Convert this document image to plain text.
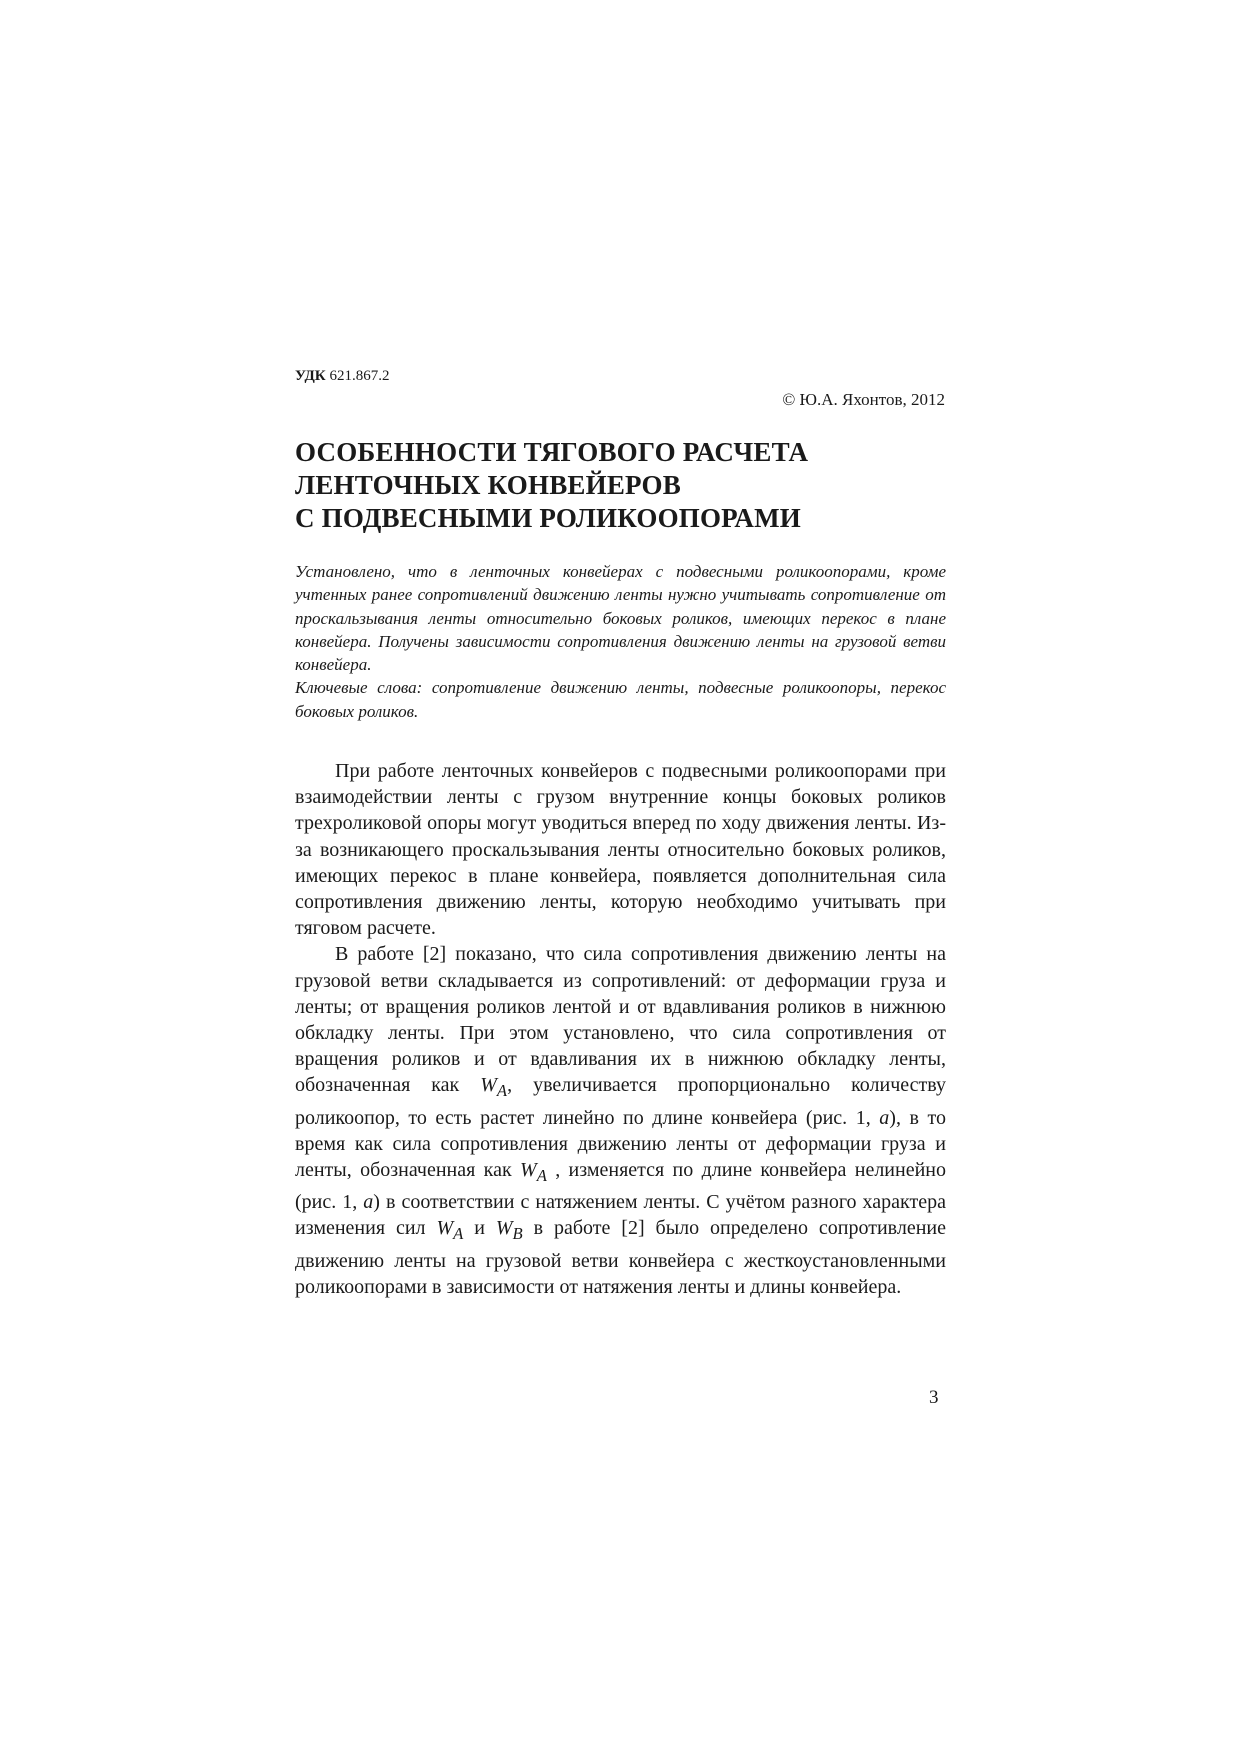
УДК 621.867.2
© Ю.А. Яхонтов, 2012
ОСОБЕННОСТИ ТЯГОВОГО РАСЧЕТА
ЛЕНТОЧНЫХ КОНВЕЙЕРОВ
С ПОДВЕСНЫМИ РОЛИКООПОРАМИ

Установлено, что в ленточных конвейерах с подвесными роликоопорами, кроме учтенных ранее сопротивлений движению ленты нужно учитывать сопротивление от проскальзывания ленты относительно боковых роликов, имеющих перекос в плане конвейера. Получены зависимости сопротивления движению ленты на грузовой ветви конвейера.

Ключевые слова: сопротивление движению ленты, подвесные роликоопоры, перекос боковых роликов.

При работе ленточных конвейеров с подвесными роликоопорами при взаимодействии ленты с грузом внутренние концы боковых роликов трехроликовой опоры могут уводиться вперед по ходу движения ленты. Из-за возникающего проскальзывания ленты относительно боковых роликов, имеющих перекос в плане конвейера, появляется дополнительная сила сопротивления движению ленты, которую необходимо учитывать при тяговом расчете.

В работе [2] показано, что сила сопротивления движению ленты на грузовой ветви складывается из сопротивлений: от деформации груза и ленты; от вращения роликов лентой и от вдавливания роликов в нижнюю обкладку ленты. При этом установлено, что сила сопротивления от вращения роликов и от вдавливания их в нижнюю обкладку ленты, обозначенная как $W_A$, увеличивается пропорционально количеству роликоопор, то есть растет линейно по длине конвейера (рис. 1, а), в то время как сила сопротивления движению ленты от деформации груза и ленты, обозначенная как $W_A$ , изменяется по длине конвейера нелинейно (рис. 1, а) в соответствии с натяжением ленты. С учётом разного характера изменения сил $W_A$ и $W_B$ в работе [2] было определено сопротивление движению ленты на грузовой ветви конвейера с жесткоустановленными роликоопорами в зависимости от натяжения ленты и длины конвейера.

3
